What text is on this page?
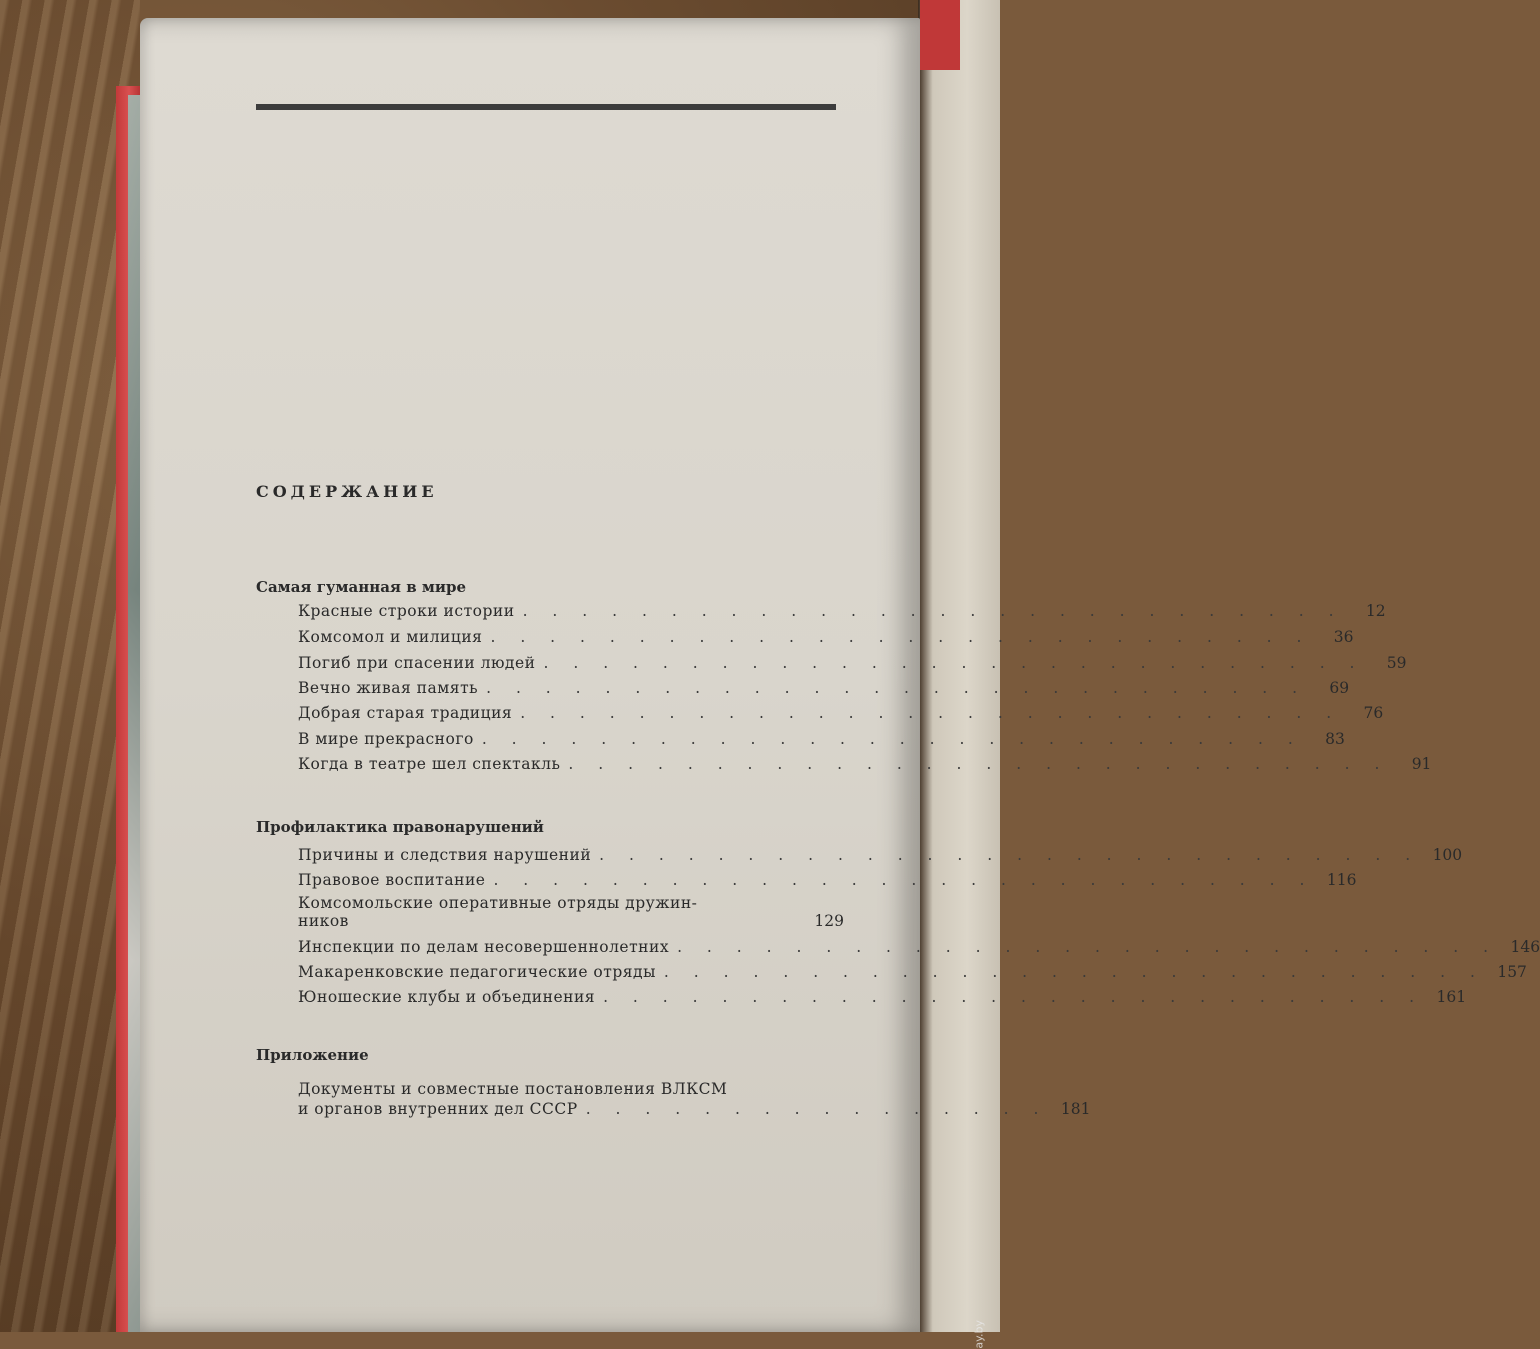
СОДЕРЖАНИЕ
Самая гуманная в мире
Красные строки истории . . . . . . . . . . . . . . . . . . . . . . . . . . . .	12
Комсомол и милиция . . . . . . . . . . . . . . . . . . . . . . . . . . . .	36
Погиб при спасении людей . . . . . . . . . . . . . . . . . . . . . . . . . . . .	59
Вечно живая память . . . . . . . . . . . . . . . . . . . . . . . . . . . .	69
Добрая старая традиция . . . . . . . . . . . . . . . . . . . . . . . . . . . .	76
В мире прекрасного . . . . . . . . . . . . . . . . . . . . . . . . . . . .	83
Когда в театре шел спектакль . . . . . . . . . . . . . . . . . . . . . . . . . . . .	91
Профилактика правонарушений
Причины и следствия нарушений . . . . . . . . . . . . . . . . . . . . . . . . . . . . 100
Правовое воспитание . . . . . . . . . . . . . . . . . . . . . . . . . . . . 116
Комсомольские оперативные отряды дружин-
ников	129
Инспекции по делам несовершеннолетних . . . . . . . . . . . . . . . . . . . . . . . . . . . . 146
Макаренковские педагогические отряды . . . . . . . . . . . . . . . . . . . . . . . . . . . . 157
Юношеские клубы и объединения . . . . . . . . . . . . . . . . . . . . . . . . . . . . 161
Приложение
Документы и совместные постановления ВЛКСМ
и органов внутренних дел СССР . . . . . . . . . . . . . . . . 181
ay.by
